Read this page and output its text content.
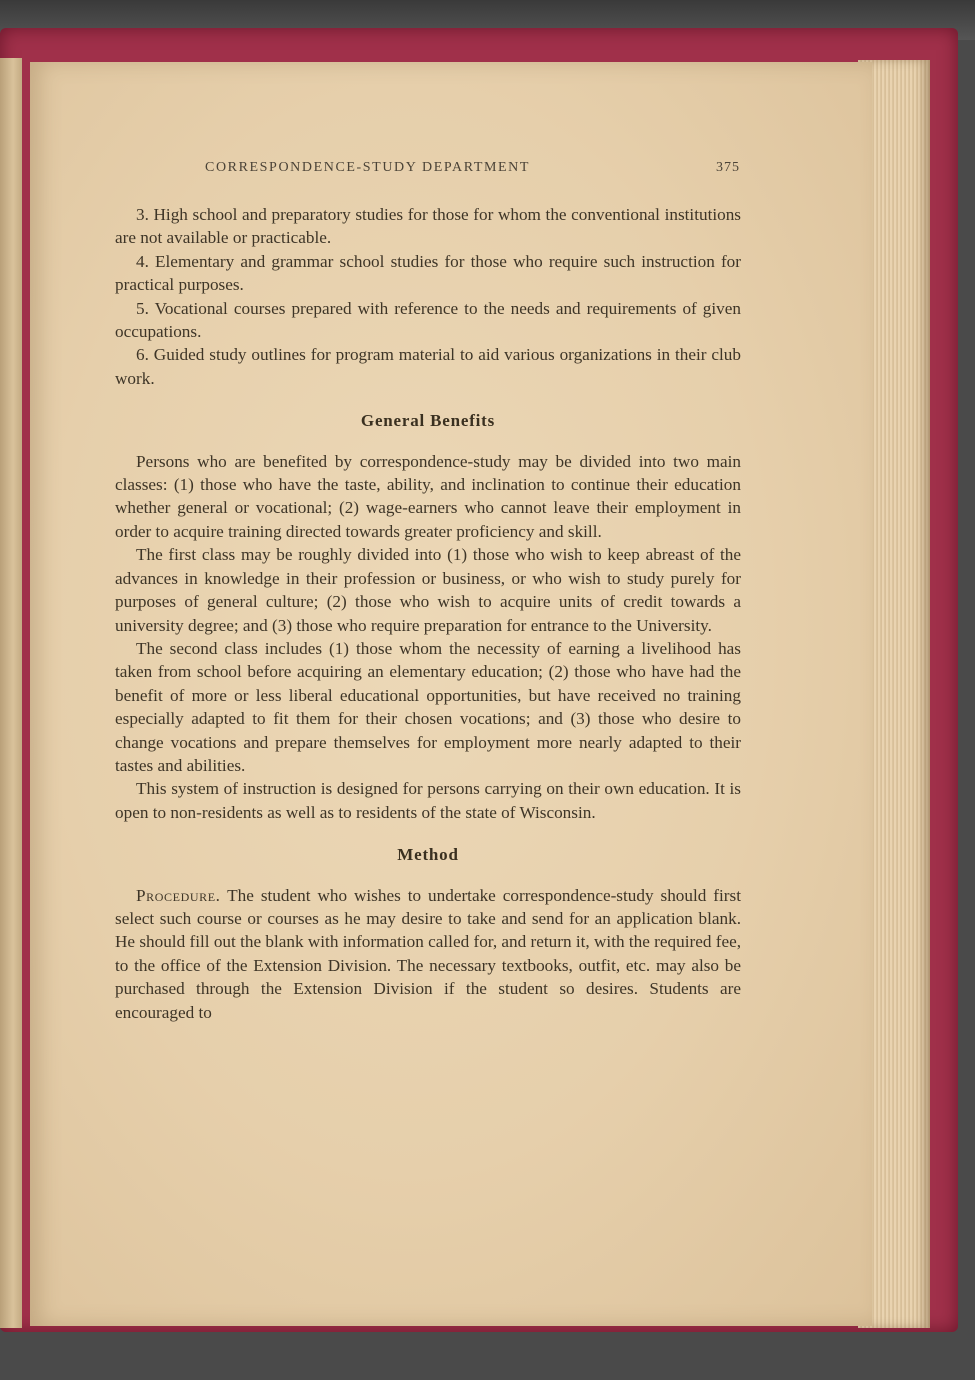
CORRESPONDENCE-STUDY DEPARTMENT	375

3. High school and preparatory studies for those for whom the conventional institutions are not available or practicable.

4. Elementary and grammar school studies for those who require such instruction for practical purposes.

5. Vocational courses prepared with reference to the needs and requirements of given occupations.

6. Guided study outlines for program material to aid various organizations in their club work.

General Benefits

Persons who are benefited by correspondence-study may be divided into two main classes: (1) those who have the taste, ability, and inclination to continue their education whether general or vocational; (2) wage-earners who cannot leave their employment in order to acquire training directed towards greater proficiency and skill.

The first class may be roughly divided into (1) those who wish to keep abreast of the advances in knowledge in their profession or business, or who wish to study purely for purposes of general culture; (2) those who wish to acquire units of credit towards a university degree; and (3) those who require preparation for entrance to the University.

The second class includes (1) those whom the necessity of earning a livelihood has taken from school before acquiring an elementary education; (2) those who have had the benefit of more or less liberal educational opportunities, but have received no training especially adapted to fit them for their chosen vocations; and (3) those who desire to change vocations and prepare themselves for employment more nearly adapted to their tastes and abilities.

This system of instruction is designed for persons carrying on their own education. It is open to non-residents as well as to residents of the state of Wisconsin.

Method

Procedure. The student who wishes to undertake correspondence-study should first select such course or courses as he may desire to take and send for an application blank. He should fill out the blank with information called for, and return it, with the required fee, to the office of the Extension Division. The necessary textbooks, outfit, etc. may also be purchased through the Extension Division if the student so desires. Students are encouraged to
